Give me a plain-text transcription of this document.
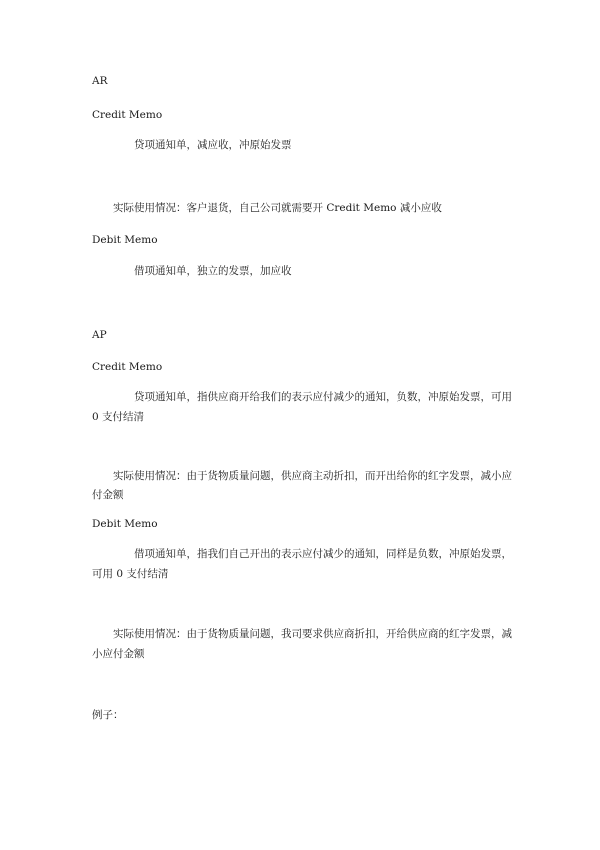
AR
Credit Memo
贷项通知单，减应收，冲原始发票
实际使用情况：客户退货，自己公司就需要开 Credit Memo 减小应收
Debit Memo
借项通知单，独立的发票，加应收
AP
Credit Memo
贷项通知单，指供应商开给我们的表示应付减少的通知，负数，冲原始发票，可用
0 支付结清
实际使用情况：由于货物质量问题，供应商主动折扣，而开出给你的红字发票，减小应
付金额
Debit Memo
借项通知单，指我们自己开出的表示应付减少的通知，同样是负数，冲原始发票，
可用 0 支付结清
实际使用情况：由于货物质量问题，我司要求供应商折扣，开给供应商的红字发票，减
小应付金额
例子：
